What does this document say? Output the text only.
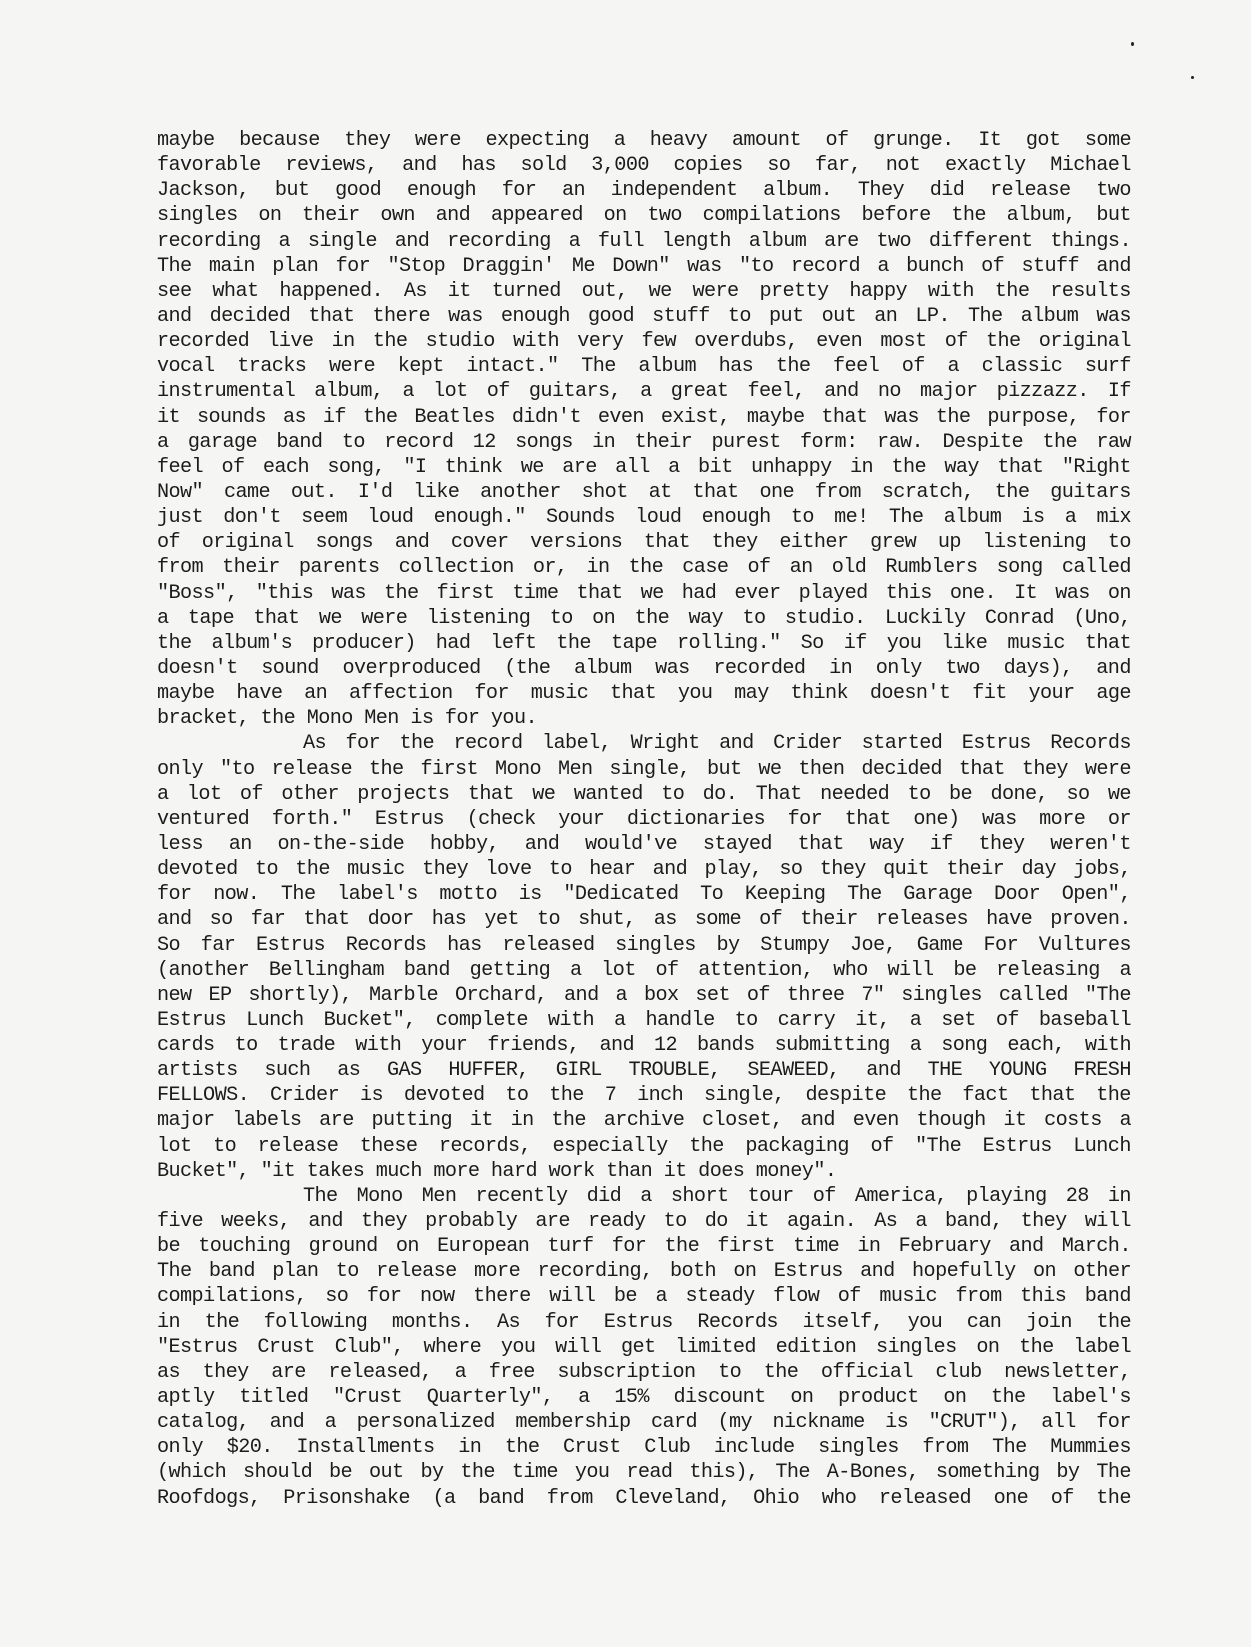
maybe because they were expecting a heavy amount of grunge. It got some
favorable reviews, and has sold 3,000 copies so far, not exactly Michael
Jackson, but good enough for an independent album. They did release two
singles on their own and appeared on two compilations before the album, but
recording a single and recording a full length album are two different things.
The main plan for "Stop Draggin' Me Down" was "to record a bunch of stuff and
see what happened. As it turned out, we were pretty happy with the results
and decided that there was enough good stuff to put out an LP. The album was
recorded live in the studio with very few overdubs, even most of the original
vocal tracks were kept intact." The album has the feel of a classic surf
instrumental album, a lot of guitars, a great feel, and no major pizzazz. If
it sounds as if the Beatles didn't even exist, maybe that was the purpose, for
a garage band to record 12 songs in their purest form: raw. Despite the raw
feel of each song, "I think we are all a bit unhappy in the way that "Right
Now" came out. I'd like another shot at that one from scratch, the guitars
just don't seem loud enough." Sounds loud enough to me! The album is a mix
of original songs and cover versions that they either grew up listening to
from their parents collection or, in the case of an old Rumblers song called
"Boss", "this was the first time that we had ever played this one. It was on
a tape that we were listening to on the way to studio. Luckily Conrad (Uno,
the album's producer) had left the tape rolling." So if you like music that
doesn't sound overproduced (the album was recorded in only two days), and
maybe have an affection for music that you may think doesn't fit your age
bracket, the Mono Men is for you.
As for the record label, Wright and Crider started Estrus Records
only "to release the first Mono Men single, but we then decided that they were
a lot of other projects that we wanted to do. That needed to be done, so we
ventured forth." Estrus (check your dictionaries for that one) was more or
less an on-the-side hobby, and would've stayed that way if they weren't
devoted to the music they love to hear and play, so they quit their day jobs,
for now. The label's motto is "Dedicated To Keeping The Garage Door Open",
and so far that door has yet to shut, as some of their releases have proven.
So far Estrus Records has released singles by Stumpy Joe, Game For Vultures
(another Bellingham band getting a lot of attention, who will be releasing a
new EP shortly), Marble Orchard, and a box set of three 7" singles called "The
Estrus Lunch Bucket", complete with a handle to carry it, a set of baseball
cards to trade with your friends, and 12 bands submitting a song each, with
artists such as GAS HUFFER, GIRL TROUBLE, SEAWEED, and THE YOUNG FRESH
FELLOWS. Crider is devoted to the 7 inch single, despite the fact that the
major labels are putting it in the archive closet, and even though it costs a
lot to release these records, especially the packaging of "The Estrus Lunch
Bucket", "it takes much more hard work than it does money".
The Mono Men recently did a short tour of America, playing 28 in
five weeks, and they probably are ready to do it again. As a band, they will
be touching ground on European turf for the first time in February and March.
The band plan to release more recording, both on Estrus and hopefully on other
compilations, so for now there will be a steady flow of music from this band
in the following months. As for Estrus Records itself, you can join the
"Estrus Crust Club", where you will get limited edition singles on the label
as they are released, a free subscription to the official club newsletter,
aptly titled "Crust Quarterly", a 15% discount on product on the label's
catalog, and a personalized membership card (my nickname is "CRUT"), all for
only $20. Installments in the Crust Club include singles from The Mummies
(which should be out by the time you read this), The A-Bones, something by The
Roofdogs, Prisonshake (a band from Cleveland, Ohio who released one of the
